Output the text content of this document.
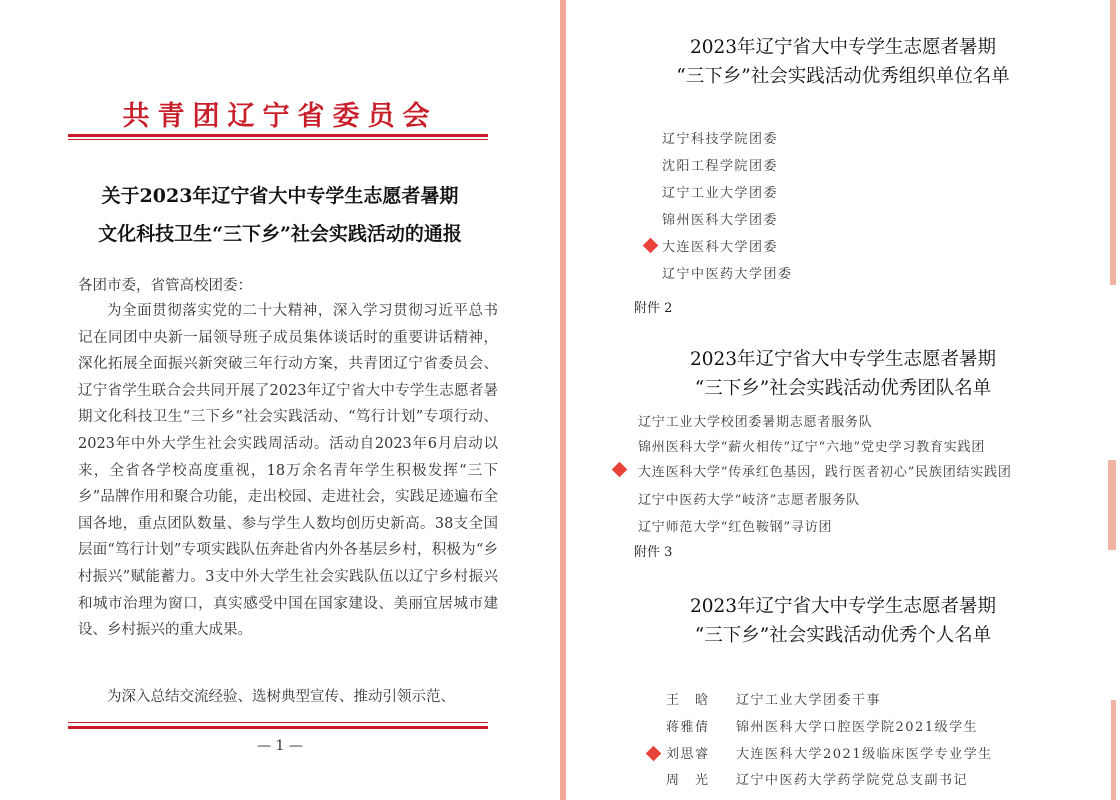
共青团辽宁省委员会
关于2023年辽宁省大中专学生志愿者暑期
文化科技卫生“三下乡”社会实践活动的通报
各团市委，省管高校团委：
为全面贯彻落实党的二十大精神，深入学习贯彻习近平总书记在同团中央新一届领导班子成员集体谈话时的重要讲话精神，深化拓展全面振兴新突破三年行动方案，共青团辽宁省委员会、辽宁省学生联合会共同开展了2023年辽宁省大中专学生志愿者暑期文化科技卫生“三下乡”社会实践活动、“笃行计划”专项行动、2023年中外大学生社会实践周活动。活动自2023年6月启动以来，全省各学校高度重视，18万余名青年学生积极发挥“三下乡”品牌作用和聚合功能，走出校园、走进社会，实践足迹遍布全国各地，重点团队数量、参与学生人数均创历史新高。38支全国层面“笃行计划”专项实践队伍奔赴省内外各基层乡村，积极为“乡村振兴”赋能蓄力。3支中外大学生社会实践队伍以辽宁乡村振兴和城市治理为窗口，真实感受中国在国家建设、美丽宜居城市建设、乡村振兴的重大成果。
为深入总结交流经验、选树典型宣传、推动引领示范、
— 1 —
2023年辽宁省大中专学生志愿者暑期
“三下乡”社会实践活动优秀组织单位名单
辽宁科技学院团委
沈阳工程学院团委
辽宁工业大学团委
锦州医科大学团委
大连医科大学团委
辽宁中医药大学团委
附件 2
2023年辽宁省大中专学生志愿者暑期
“三下乡”社会实践活动优秀团队名单
辽宁工业大学校团委暑期志愿者服务队
锦州医科大学“薪火相传”辽宁“六地”党史学习教育实践团
大连医科大学“传承红色基因，践行医者初心”民族团结实践团
辽宁中医药大学“岐济”志愿者服务队
辽宁师范大学“红色鞍钢”寻访团
附件 3
2023年辽宁省大中专学生志愿者暑期
“三下乡”社会实践活动优秀个人名单
王　晗 辽宁工业大学团委干事
蒋雅倩 锦州医科大学口腔医学院2021级学生
刘思睿 大连医科大学2021级临床医学专业学生
周　光 辽宁中医药大学药学院党总支副书记
